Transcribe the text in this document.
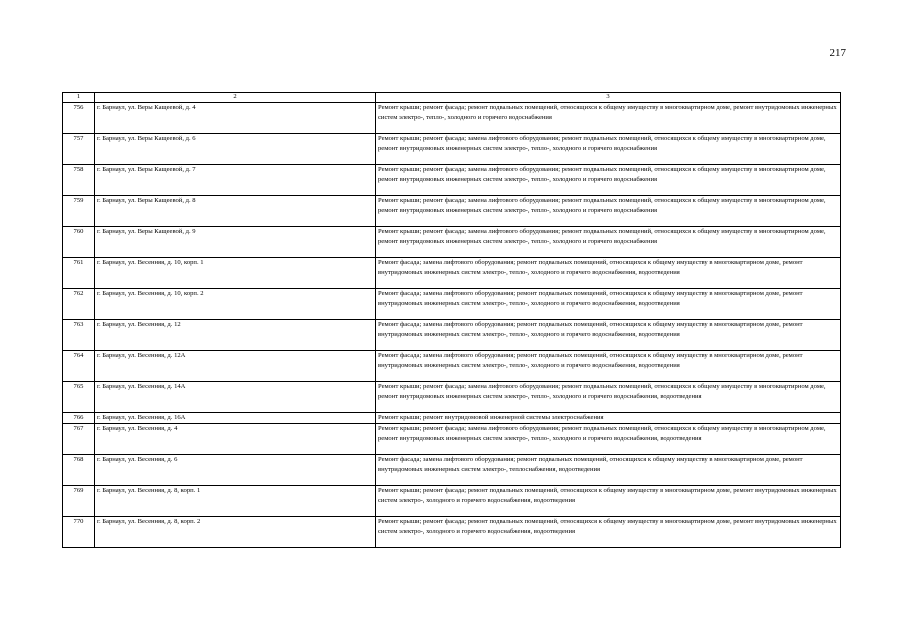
217
1	2	3
756	г. Барнаул, ул. Веры Кащеевой, д. 4	Ремонт крыши; ремонт фасада; ремонт подвальных помещений, относящихся к общему имуществу в многоквартирном доме, ремонт внутридомовых инженерных систем электро-, тепло-, холодного и горячего водоснабжения
757	г. Барнаул, ул. Веры Кащеевой, д. 6	Ремонт крыши; ремонт фасада; замена лифтового оборудования; ремонт подвальных помещений, относящихся к общему имуществу в многоквартирном доме, ремонт внутридомовых инженерных систем электро-, тепло-, холодного и горячего водоснабжения
758	г. Барнаул, ул. Веры Кащеевой, д. 7	Ремонт крыши; ремонт фасада; замена лифтового оборудования; ремонт подвальных помещений, относящихся к общему имуществу в многоквартирном доме, ремонт внутридомовых инженерных систем электро-, тепло-, холодного и горячего водоснабжения
759	г. Барнаул, ул. Веры Кащеевой, д. 8	Ремонт крыши; ремонт фасада; замена лифтового оборудования; ремонт подвальных помещений, относящихся к общему имуществу в многоквартирном доме, ремонт внутридомовых инженерных систем электро-, тепло-, холодного и горячего водоснабжения
760	г. Барнаул, ул. Веры Кащеевой, д. 9	Ремонт крыши; ремонт фасада; замена лифтового оборудования; ремонт подвальных помещений, относящихся к общему имуществу в многоквартирном доме, ремонт внутридомовых инженерных систем электро-, тепло-, холодного и горячего водоснабжения
761	г. Барнаул, ул. Весенняя, д. 10, корп. 1	Ремонт фасада; замена лифтового оборудования; ремонт подвальных помещений, относящихся к общему имуществу в многоквартирном доме, ремонт внутридомовых инженерных систем электро-, тепло-, холодного и горячего водоснабжения, водоотведения
762	г. Барнаул, ул. Весенняя, д. 10, корп. 2	Ремонт фасада; замена лифтового оборудования; ремонт подвальных помещений, относящихся к общему имуществу в многоквартирном доме, ремонт внутридомовых инженерных систем электро-, тепло-, холодного и горячего водоснабжения, водоотведения
763	г. Барнаул, ул. Весенняя, д. 12	Ремонт фасада; замена лифтового оборудования; ремонт подвальных помещений, относящихся к общему имуществу в многоквартирном доме, ремонт внутридомовых инженерных систем электро-, тепло-, холодного и горячего водоснабжения, водоотведения
764	г. Барнаул, ул. Весенняя, д. 12А	Ремонт фасада; замена лифтового оборудования; ремонт подвальных помещений, относящихся к общему имуществу в многоквартирном доме, ремонт внутридомовых инженерных систем электро-, тепло-, холодного и горячего водоснабжения, водоотведения
765	г. Барнаул, ул. Весенняя, д. 14А	Ремонт крыши; ремонт фасада; замена лифтового оборудования; ремонт подвальных помещений, относящихся к общему имуществу в многоквартирном доме, ремонт внутридомовых инженерных систем электро-, тепло-, холодного и горячего водоснабжения, водоотведения
766	г. Барнаул, ул. Весенняя, д. 16А	Ремонт крыши; ремонт внутридомовой инженерной системы электроснабжения
767	г. Барнаул, ул. Весенняя, д. 4	Ремонт крыши; ремонт фасада; замена лифтового оборудования; ремонт подвальных помещений, относящихся к общему имуществу в многоквартирном доме, ремонт внутридомовых инженерных систем электро-, тепло-, холодного и горячего водоснабжения, водоотведения
768	г. Барнаул, ул. Весенняя, д. 6	Ремонт фасада; замена лифтового оборудования; ремонт подвальных помещений, относящихся к общему имуществу в многоквартирном доме, ремонт внутридомовых инженерных систем электро-, теплоснабжения, водоотведения
769	г. Барнаул, ул. Весенняя, д. 8, корп. 1	Ремонт крыши; ремонт фасада; ремонт подвальных помещений, относящихся к общему имуществу в многоквартирном доме, ремонт внутридомовых инженерных систем электро-, холодного и горячего водоснабжения, водоотведения
770	г. Барнаул, ул. Весенняя, д. 8, корп. 2	Ремонт крыши; ремонт фасада; ремонт подвальных помещений, относящихся к общему имуществу в многоквартирном доме, ремонт внутридомовых инженерных систем электро-, холодного и горячего водоснабжения, водоотведения
